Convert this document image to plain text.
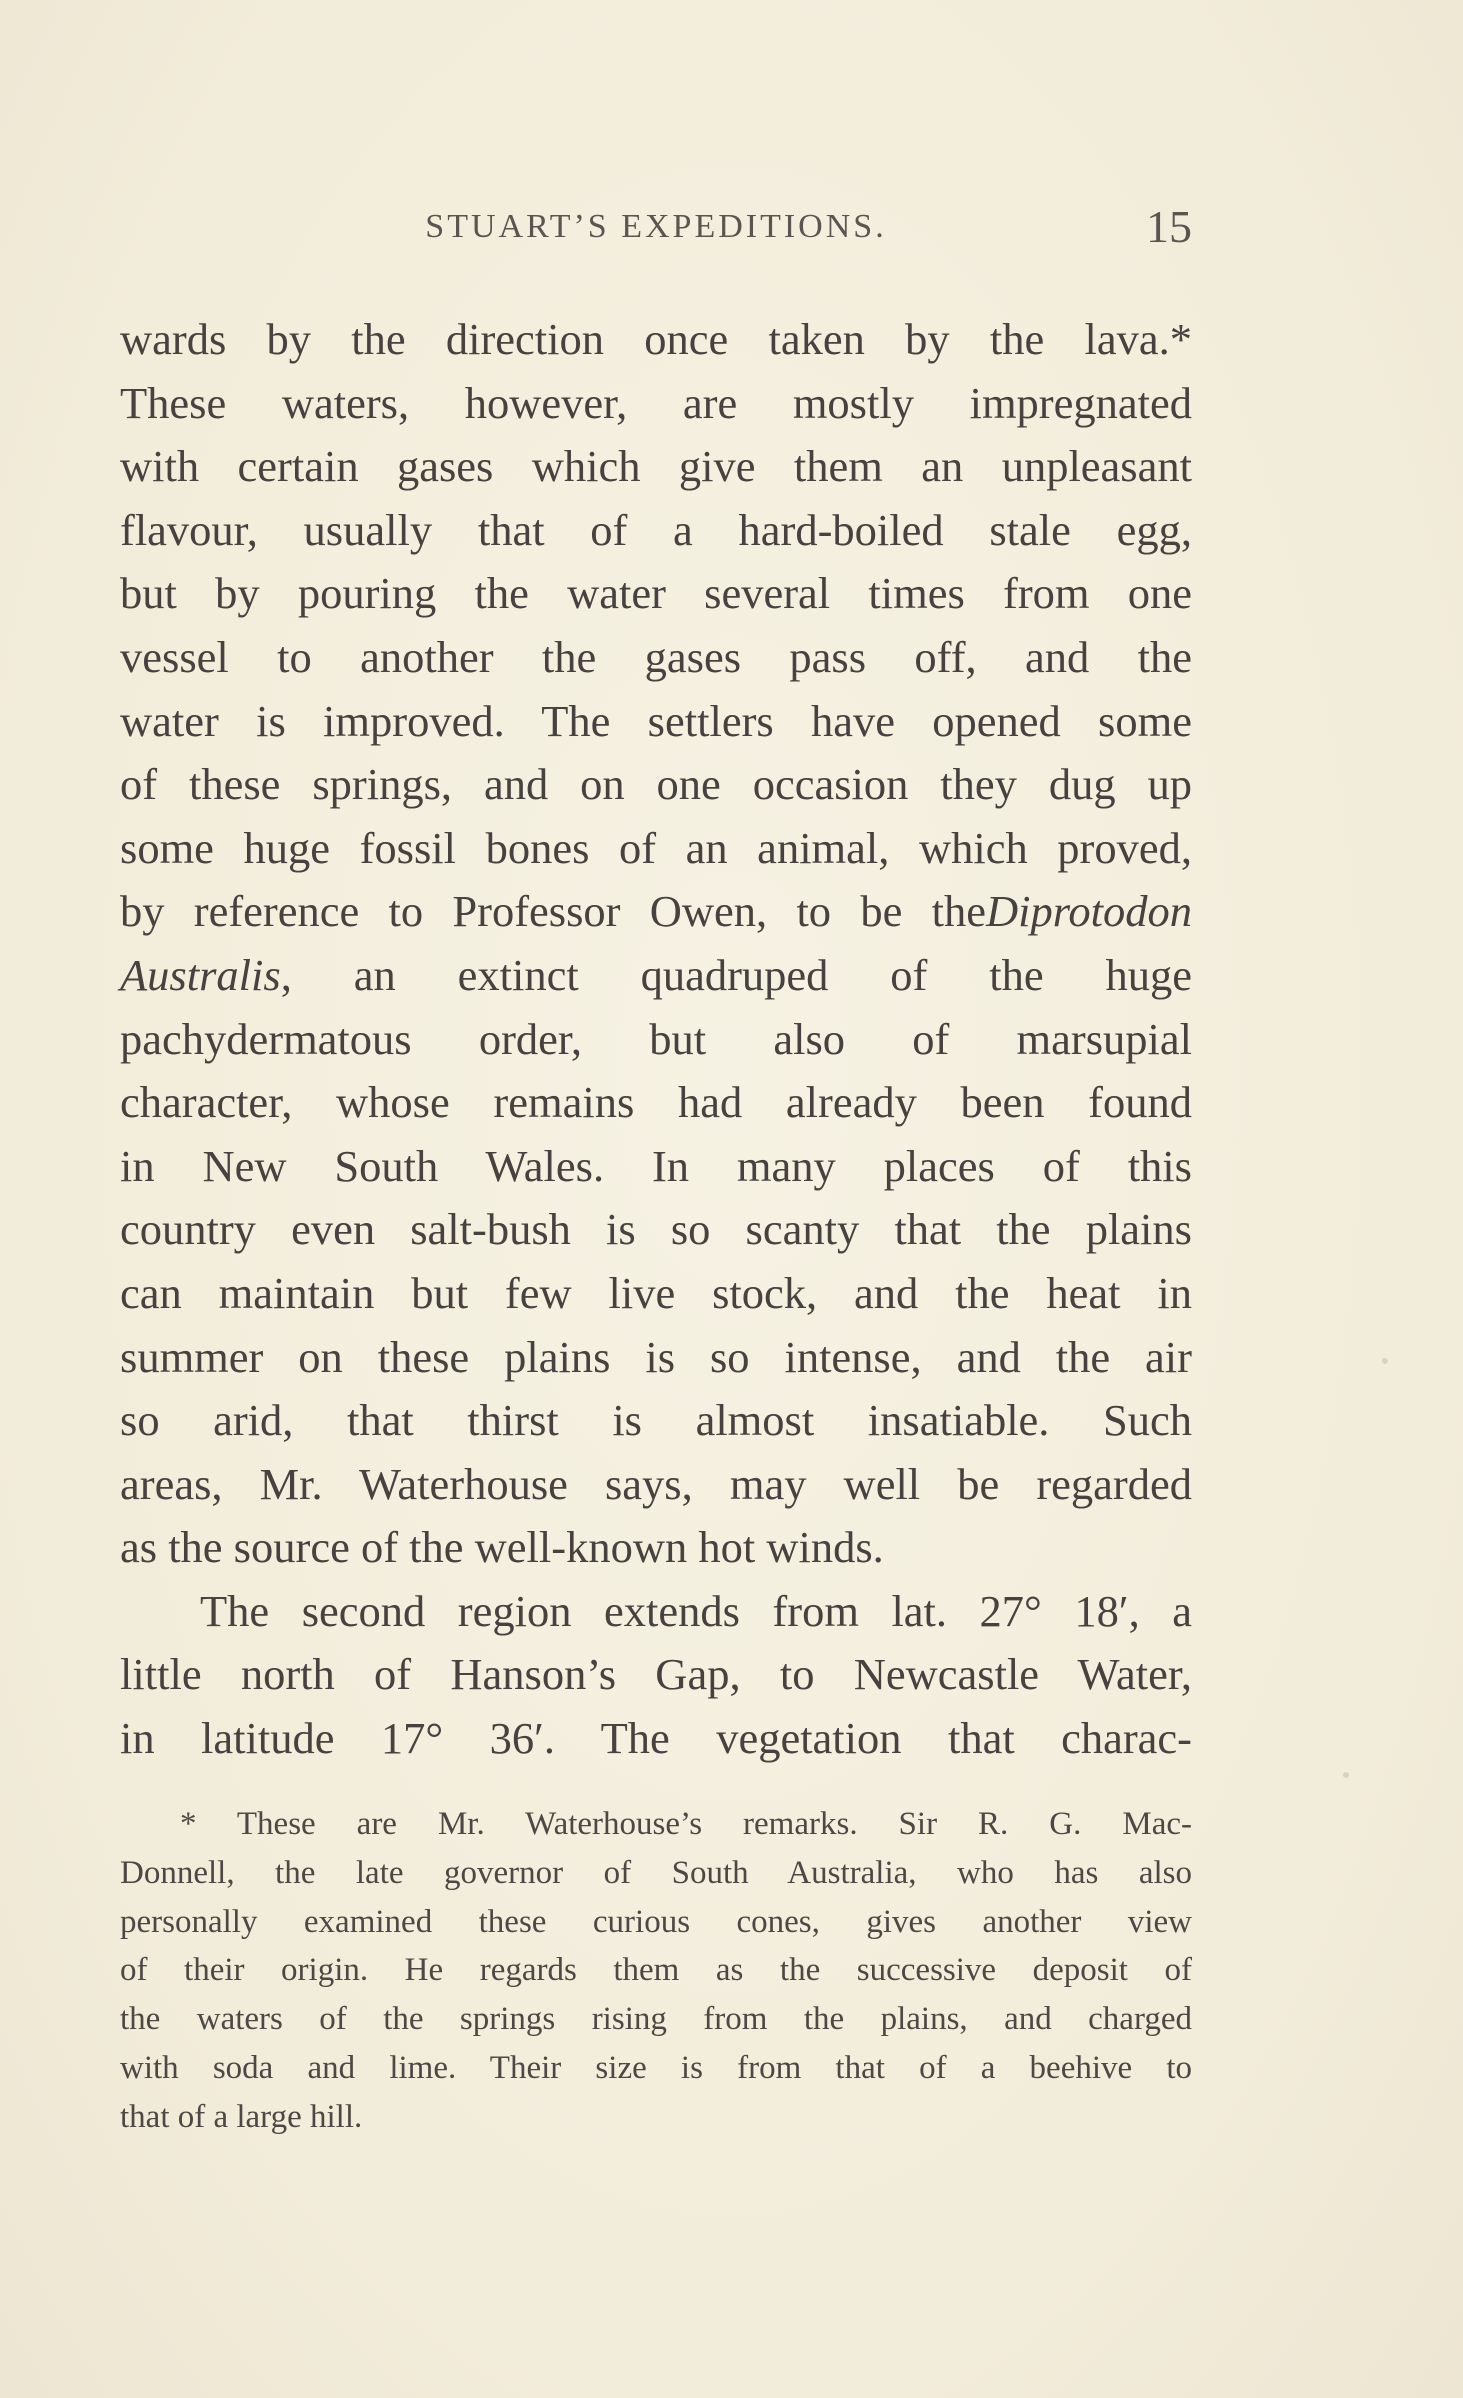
STUART’S EXPEDITIONS.	15
wards by the direction once taken by the lava.*
These waters, however, are mostly impregnated
with certain gases which give them an unpleasant
flavour, usually that of a hard-boiled stale egg,
but by pouring the water several times from one
vessel to another the gases pass off, and the
water is improved. The settlers have opened some
of these springs, and on one occasion they dug up
some huge fossil bones of an animal, which proved,
by reference to Professor Owen, to be theDiprotodon
Australis, an extinct quadruped of the huge
pachydermatous order, but also of marsupial
character, whose remains had already been found
in New South Wales. In many places of this
country even salt-bush is so scanty that the plains
can maintain but few live stock, and the heat in
summer on these plains is so intense, and the air
so arid, that thirst is almost insatiable. Such
areas, Mr. Waterhouse says, may well be regarded
as the source of the well-known hot winds.
The second region extends from lat. 27° 18′, a
little north of Hanson’s Gap, to Newcastle Water,
in latitude 17° 36′. The vegetation that charac-
* These are Mr. Waterhouse’s remarks. Sir R. G. Mac-
Donnell, the late governor of South Australia, who has also
personally examined these curious cones, gives another view
of their origin. He regards them as the successive deposit of
the waters of the springs rising from the plains, and charged
with soda and lime. Their size is from that of a beehive to
that of a large hill.
